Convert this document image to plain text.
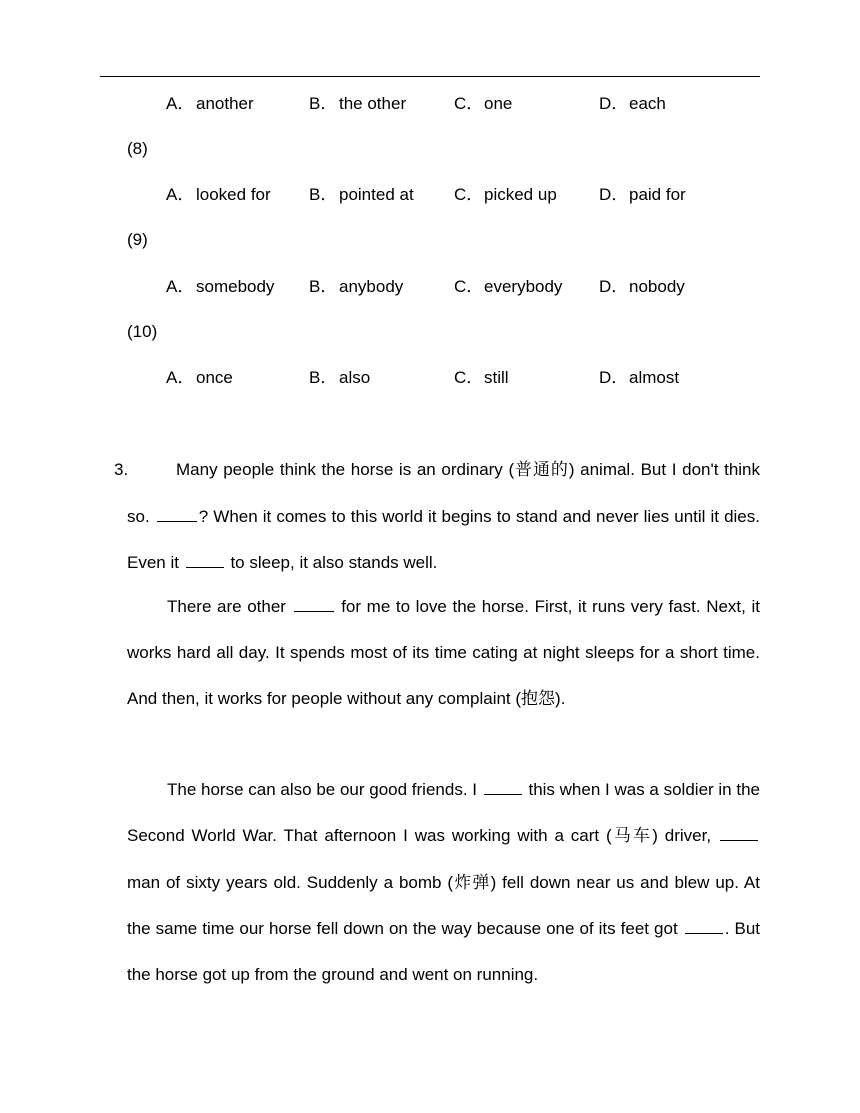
A．another	B．the other	C．one	D．each
(8)
A．looked for B．pointed at C．picked up D．paid for
(9)
A．somebody B．anybody	C．everybody D．nobody
(10)
A．once	B．also	C．still	D．almost
3.	Many people think the horse is an ordinary (普通的) animal. But I don't think so.	? When it comes to this world it begins to stand and never lies until it dies. Even it	to sleep, it also stands well.

There are other	for me to love the horse. First, it runs very fast. Next, it works hard all day. It spends most of its time cating at night sleeps for a short time. And then, it works for people without any complaint (抱怨).

The horse can also be our good friends. I	this when I was a soldier in the Second World War. That afternoon I was working with a cart (马车) driver,  man of sixty years old. Suddenly a bomb (炸弹) fell down near us and blew up. At the same time our horse fell down on the way because one of its feet got	. But the horse got up from the ground and went on running.
